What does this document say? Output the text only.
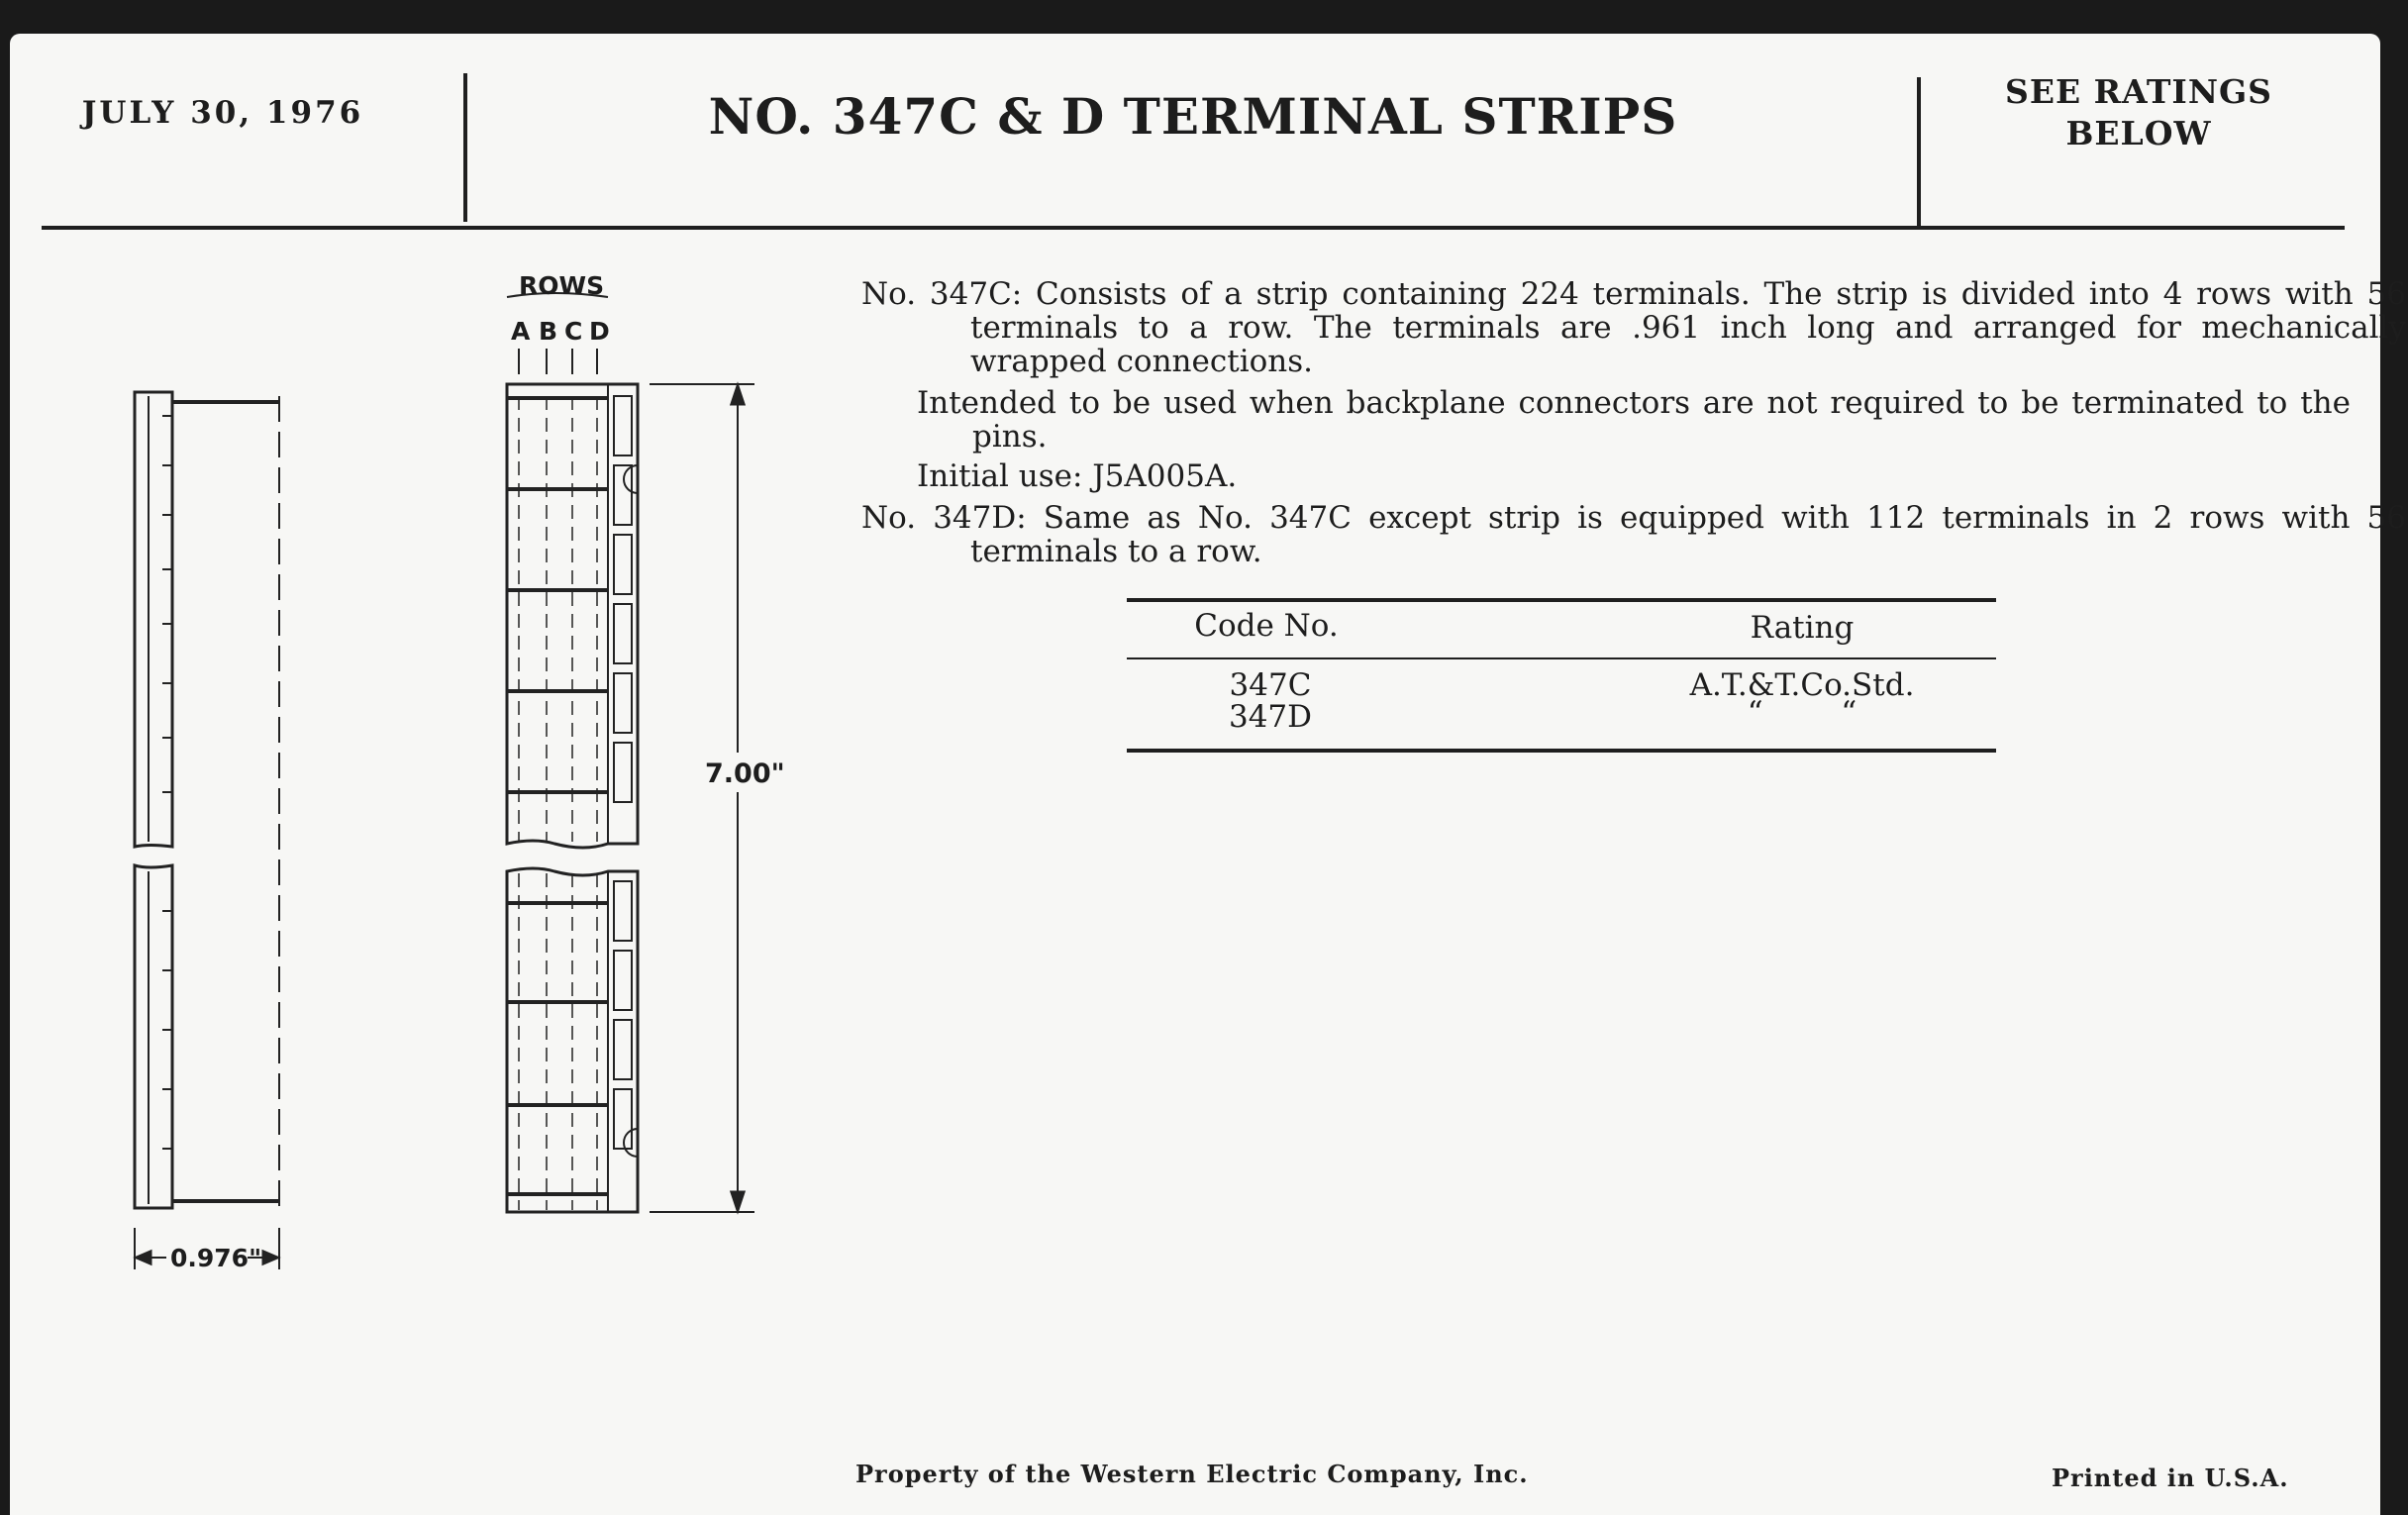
JULY 30, 1976	NO. 347C & D TERMINAL STRIPS	SEE RATINGS
BELOW
ROWS
A B C D
7.00"
0.976"
No. 347C: Consists of a strip containing 224 terminals. The strip is divided into 4 rows with 56 terminals to a row. The terminals are .961 inch long and arranged for mechanically wrapped connections.
Intended to be used when backplane connectors are not required to be terminated to the pins.
Initial use: J5A005A.
No. 347D: Same as No. 347C except strip is equipped with 112 terminals in 2 rows with 56 terminals to a row.
Code No.	Rating
347C	A.T.&T.Co.Std.
347D	“        “
Property of the Western Electric Company, Inc.	Printed in U.S.A.
